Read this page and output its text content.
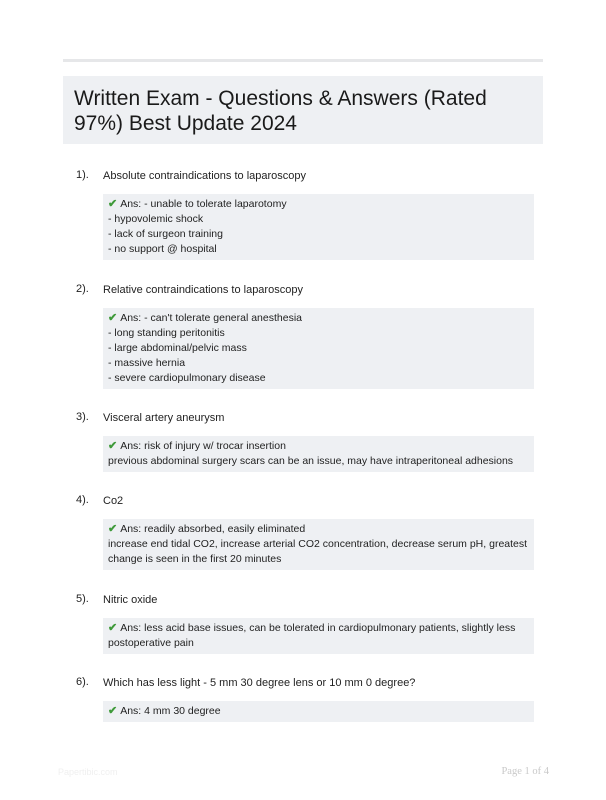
Written Exam - Questions & Answers (Rated 97%) Best Update 2024
1). Absolute contraindications to laparoscopy
✔ Ans: - unable to tolerate laparotomy
- hypovolemic shock
- lack of surgeon training
- no support @ hospital
2). Relative contraindications to laparoscopy
✔ Ans: - can't tolerate general anesthesia
- long standing peritonitis
- large abdominal/pelvic mass
- massive hernia
- severe cardiopulmonary disease
3). Visceral artery aneurysm
✔ Ans: risk of injury w/ trocar insertion
previous abdominal surgery scars can be an issue, may have intraperitoneal adhesions
4). Co2
✔ Ans: readily absorbed, easily eliminated
increase end tidal CO2, increase arterial CO2 concentration, decrease serum pH, greatest
change is seen in the first 20 minutes
5). Nitric oxide
✔ Ans: less acid base issues, can be tolerated in cardiopulmonary patients, slightly less
postoperative pain
6). Which has less light - 5 mm 30 degree lens or 10 mm 0 degree?
✔ Ans: 4 mm 30 degree
Papertibic.com	Page 1 of 4
